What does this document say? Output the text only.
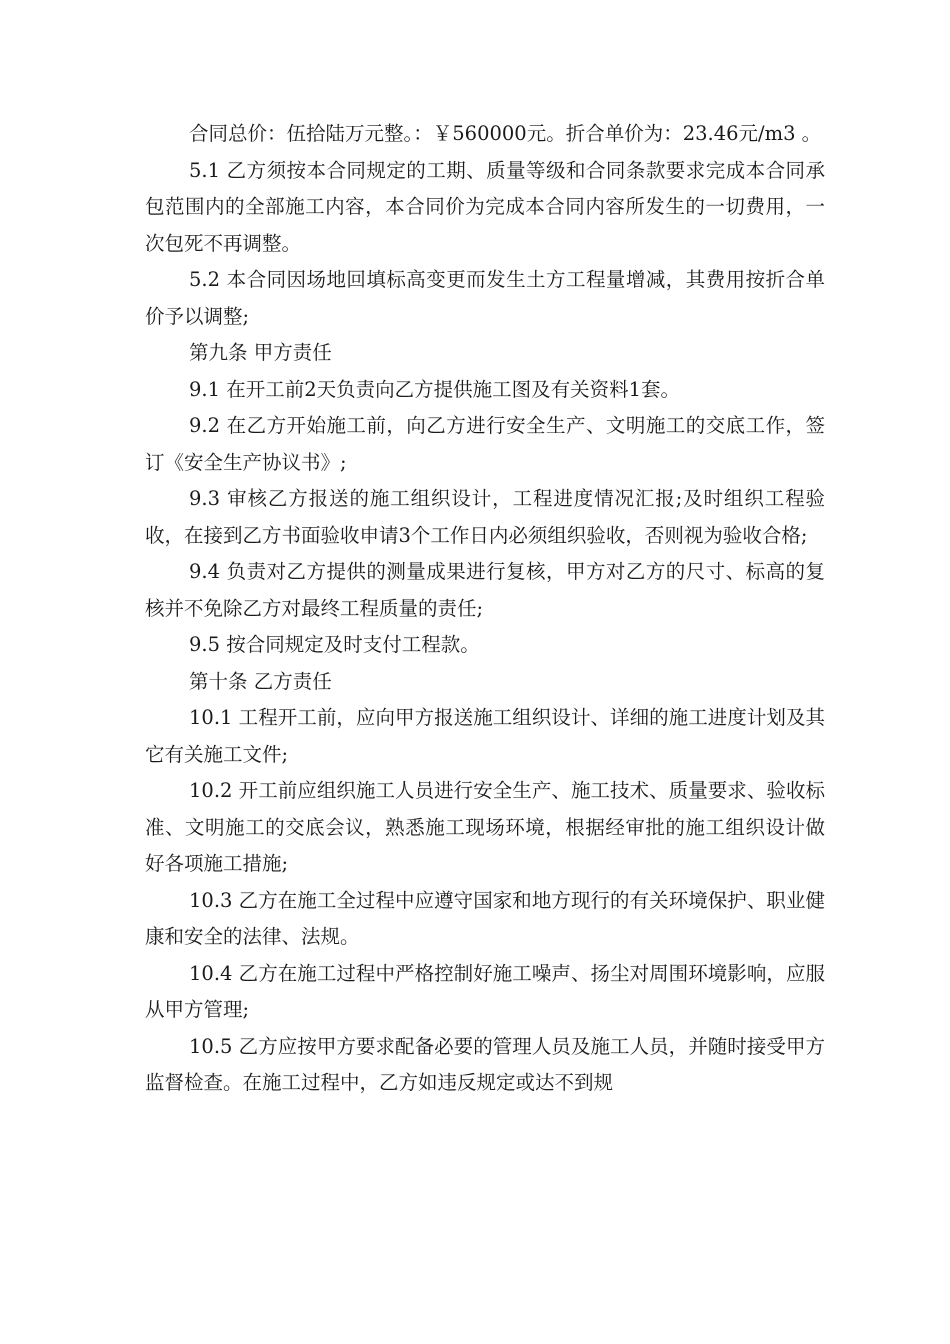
合同总价：伍拾陆万元整。：￥560000元。折合单价为：23.46元/m3 。

5.1 乙方须按本合同规定的工期、质量等级和合同条款要求完成本合同承包范围内的全部施工内容，本合同价为完成本合同内容所发生的一切费用，一次包死不再调整。

5.2 本合同因场地回填标高变更而发生土方工程量增减，其费用按折合单价予以调整;

第九条 甲方责任

9.1 在开工前2天负责向乙方提供施工图及有关资料1套。

9.2 在乙方开始施工前，向乙方进行安全生产、文明施工的交底工作，签订《安全生产协议书》;

9.3 审核乙方报送的施工组织设计，工程进度情况汇报;及时组织工程验收，在接到乙方书面验收申请3个工作日内必须组织验收，否则视为验收合格;

9.4 负责对乙方提供的测量成果进行复核，甲方对乙方的尺寸、标高的复核并不免除乙方对最终工程质量的责任;

9.5 按合同规定及时支付工程款。

第十条 乙方责任

10.1 工程开工前，应向甲方报送施工组织设计、详细的施工进度计划及其它有关施工文件;

10.2 开工前应组织施工人员进行安全生产、施工技术、质量要求、验收标准、文明施工的交底会议，熟悉施工现场环境，根据经审批的施工组织设计做好各项施工措施;

10.3 乙方在施工全过程中应遵守国家和地方现行的有关环境保护、职业健康和安全的法律、法规。

10.4 乙方在施工过程中严格控制好施工噪声、扬尘对周围环境影响，应服从甲方管理;

10.5 乙方应按甲方要求配备必要的管理人员及施工人员，并随时接受甲方监督检查。在施工过程中，乙方如违反规定或达不到规
